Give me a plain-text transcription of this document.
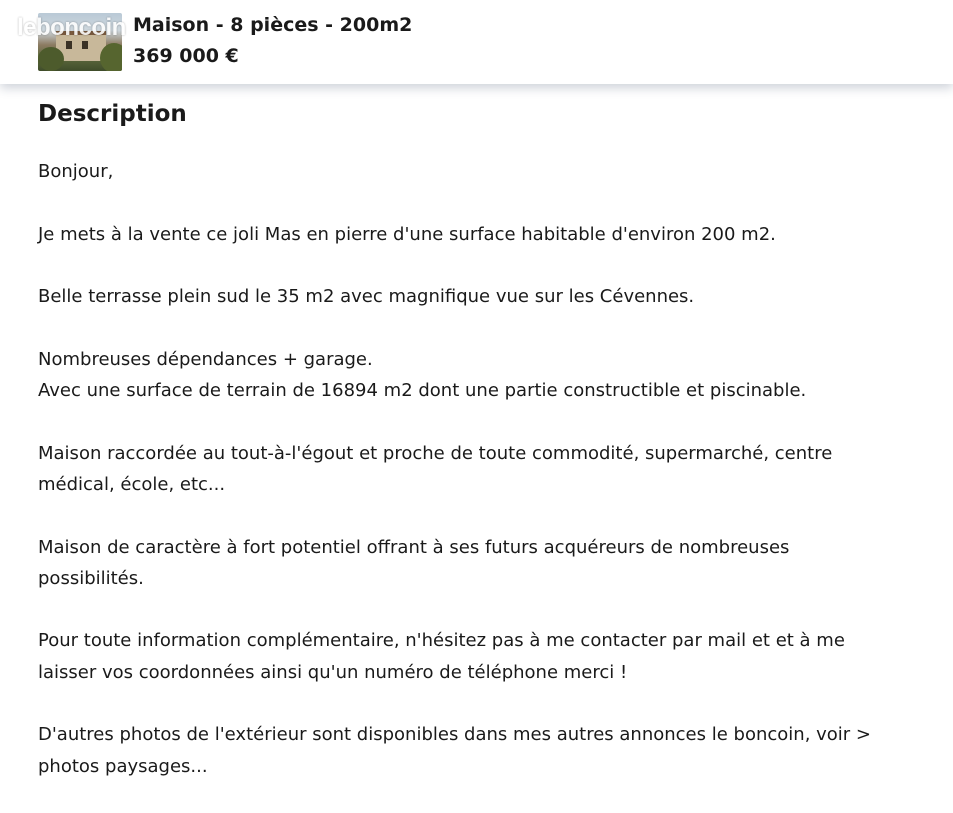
leboncoin Maison - 8 pièces - 200m2
369 000 €
Description

Bonjour,

Je mets à la vente ce joli Mas en pierre d'une surface habitable d'environ 200 m2.

Belle terrasse plein sud le 35 m2 avec magnifique vue sur les Cévennes.

Nombreuses dépendances + garage.
Avec une surface de terrain de 16894 m2 dont une partie constructible et piscinable.

Maison raccordée au tout-à-l'égout et proche de toute commodité, supermarché, centre
médical, école, etc...

Maison de caractère à fort potentiel offrant à ses futurs acquéreurs de nombreuses
possibilités.

Pour toute information complémentaire, n'hésitez pas à me contacter par mail et et à me
laisser vos coordonnées ainsi qu'un numéro de téléphone merci !

D'autres photos de l'extérieur sont disponibles dans mes autres annonces le boncoin, voir >
photos paysages...
